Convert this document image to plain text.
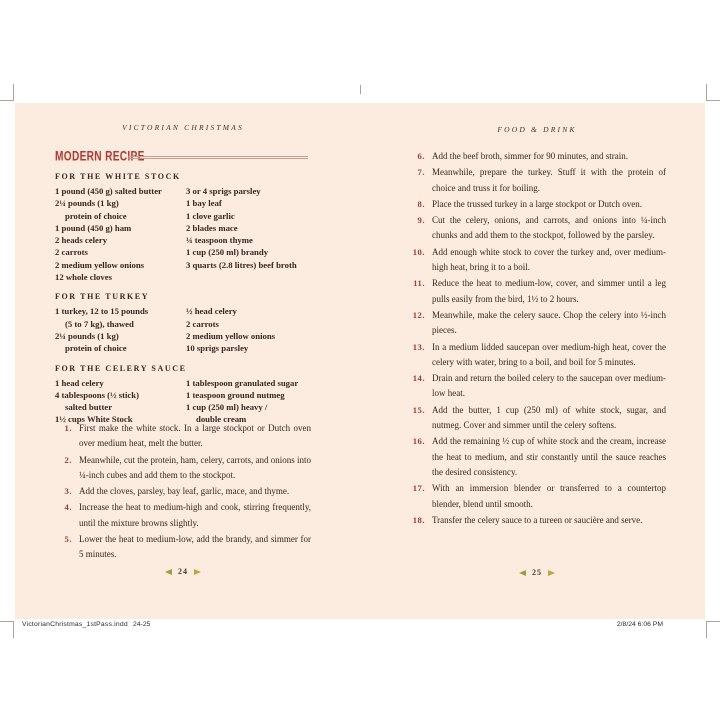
VICTORIAN CHRISTMAS
MODERN RECIPE
FOR THE WHITE STOCK
1 pound (450 g) salted butter
2¼ pounds (1 kg)
protein of choice
1 pound (450 g) ham
2 heads celery
2 carrots
2 medium yellow onions
12 whole cloves
3 or 4 sprigs parsley
1 bay leaf
1 clove garlic
2 blades mace
¼ teaspoon thyme
1 cup (250 ml) brandy
3 quarts (2.8 litres) beef broth
FOR THE TURKEY
1 turkey, 12 to 15 pounds
(5 to 7 kg), thawed
2¼ pounds (1 kg)
protein of choice
½ head celery
2 carrots
2 medium yellow onions
10 sprigs parsley
FOR THE CELERY SAUCE
1 head celery
4 tablespoons (½ stick)
salted butter
1½ cups White Stock
1 tablespoon granulated sugar
1 teaspoon ground nutmeg
1 cup (250 ml) heavy /
double cream
1. First make the white stock. In a large stockpot or Dutch oven over medium heat, melt the butter.
2. Meanwhile, cut the protein, ham, celery, carrots, and onions into ¼-inch cubes and add them to the stockpot.
3. Add the cloves, parsley, bay leaf, garlic, mace, and thyme.
4. Increase the heat to medium-high and cook, stirring frequently, until the mixture browns slightly.
5. Lower the heat to medium-low, add the brandy, and simmer for 5 minutes.
24
FOOD & DRINK
6. Add the beef broth, simmer for 90 minutes, and strain.
7. Meanwhile, prepare the turkey. Stuff it with the protein of choice and truss it for boiling.
8. Place the trussed turkey in a large stockpot or Dutch oven.
9. Cut the celery, onions, and carrots, and onions into ¼-inch chunks and add them to the stockpot, followed by the parsley.
10. Add enough white stock to cover the turkey and, over medium-high heat, bring it to a boil.
11. Reduce the heat to medium-low, cover, and simmer until a leg pulls easily from the bird, 1½ to 2 hours.
12. Meanwhile, make the celery sauce. Chop the celery into ½-inch pieces.
13. In a medium lidded saucepan over medium-high heat, cover the celery with water, bring to a boil, and boil for 5 minutes.
14. Drain and return the boiled celery to the saucepan over medium-low heat.
15. Add the butter, 1 cup (250 ml) of white stock, sugar, and nutmeg. Cover and simmer until the celery softens.
16. Add the remaining ½ cup of white stock and the cream, increase the heat to medium, and stir constantly until the sauce reaches the desired consistency.
17. With an immersion blender or transferred to a countertop blender, blend until smooth.
18. Transfer the celery sauce to a tureen or saucière and serve.
25
VictorianChristmas_1stPass.indd 24-25	2/8/24 6:06 PM
